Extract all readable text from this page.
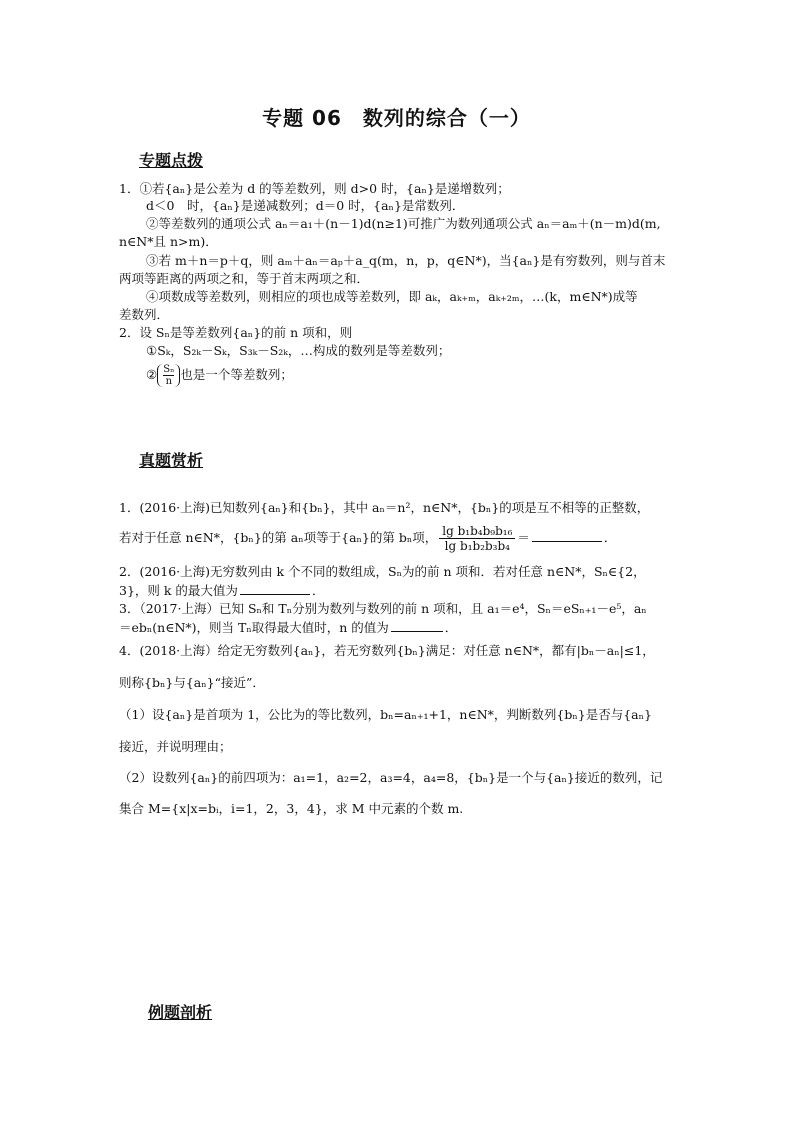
专题 06　数列的综合（一）
专题点拨
1．①若{aₙ}是公差为 d 的等差数列，则 d>0 时，{aₙ}是递增数列；
d＜0　时，{aₙ}是递减数列；d＝0 时，{aₙ}是常数列．
②等差数列的通项公式 aₙ＝a₁＋(n－1)d(n≥1)可推广为数列通项公式 aₙ＝aₘ＋(n－m)d(m,
n∈N*且 n>m)．
③若 m＋n＝p＋q，则 aₘ＋aₙ＝aₚ＋a_q(m，n，p，q∈N*)，当{aₙ}是有穷数列，则与首末
两项等距离的两项之和，等于首末两项之和．
④项数成等差数列，则相应的项也成等差数列，即 aₖ，aₖ₊ₘ，aₖ₊₂ₘ，…(k，m∈N*)成等
差数列．
2．设 Sₙ是等差数列{aₙ}的前 n 项和，则
①Sₖ，S₂ₖ－Sₖ，S₃ₖ－S₂ₖ，…构成的数列是等差数列；
② $\frac{\text{Sₙ}}{n}$ 也是一个等差数列；
真题赏析
1．(2016·上海)已知数列{aₙ}和{bₙ}，其中 aₙ＝n²，n∈N*，{bₙ}的项是互不相等的正整数，
若对于任意 n∈N*，{bₙ}的第 aₙ项等于{aₙ}的第 bₙ项， $\frac{\text{lg b₁b₄b₉b₁₆}}{\text{lg b₁b₂b₃b₄}}$ ＝	．
2．(2016·上海)无穷数列由 k 个不同的数组成，Sₙ为的前 n 项和．若对任意 n∈N*，Sₙ∈{2，
3}，则 k 的最大值为	．
3．（2017·上海）已知 Sₙ和 Tₙ分别为数列与数列的前 n 项和，且 a₁＝e⁴，Sₙ＝eSₙ₊₁－e⁵，aₙ
＝ebₙ(n∈N*)，则当 Tₙ取得最大值时，n 的值为	．
4．(2018·上海）给定无穷数列{aₙ}，若无穷数列{bₙ}满足：对任意 n∈N*，都有|bₙ－aₙ|≤1，
则称{bₙ}与{aₙ}“接近”．
（1）设{aₙ}是首项为 1，公比为的等比数列，bₙ=aₙ₊₁+1，n∈N*，判断数列{bₙ}是否与{aₙ}
接近，并说明理由；
（2）设数列{aₙ}的前四项为：a₁=1，a₂=2，a₃=4，a₄=8，{bₙ}是一个与{aₙ}接近的数列，记
集合 M={x|x=bᵢ，i=1，2，3，4}，求 M 中元素的个数 m.
例题剖析
